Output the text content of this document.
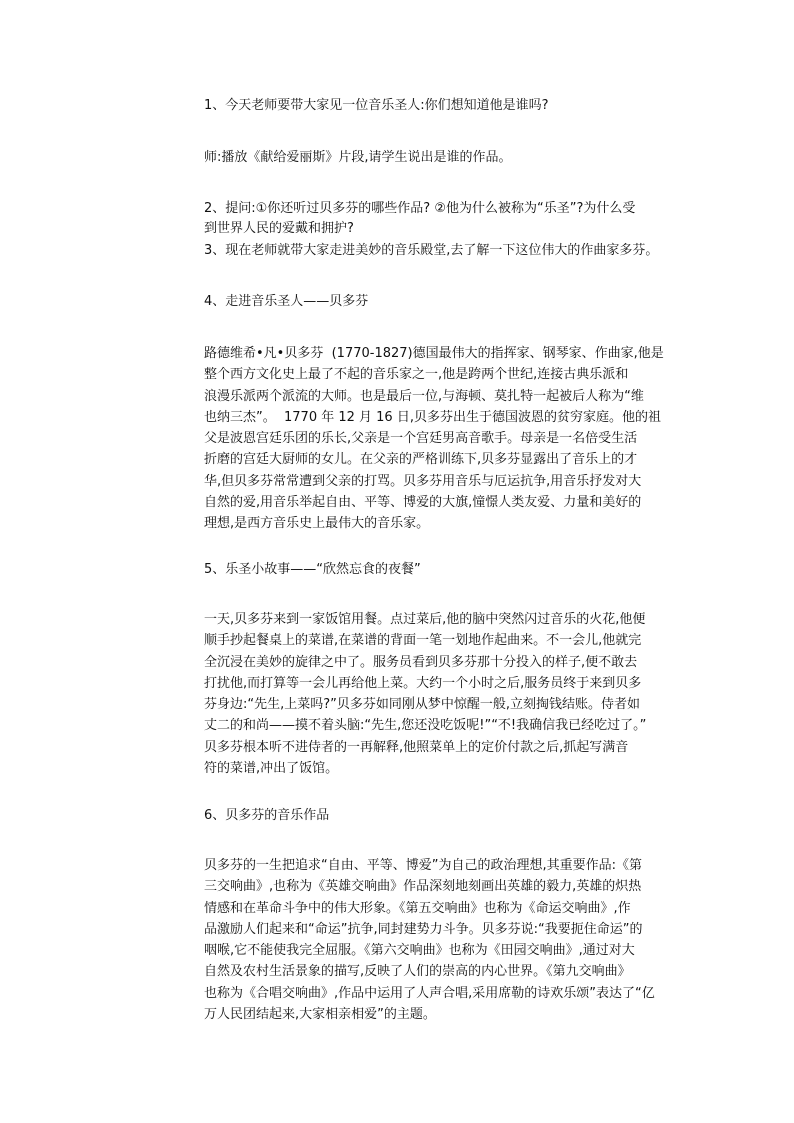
1、今天老师要带大家见一位音乐圣人:你们想知道他是谁吗?
师:播放《献给爱丽斯》片段,请学生说出是谁的作品。
2、提问:①你还听过贝多芬的哪些作品? ②他为什么被称为“乐圣”?为什么受
到世界人民的爱戴和拥护?
3、现在老师就带大家走进美妙的音乐殿堂,去了解一下这位伟大的作曲家多芬。
4、走进音乐圣人——贝多芬
路德维希•凡•贝多芬  (1770-1827)德国最伟大的指挥家、钢琴家、作曲家,他是
整个西方文化史上最了不起的音乐家之一,他是跨两个世纪,连接古典乐派和
浪漫乐派两个派流的大师。也是最后一位,与海顿、莫扎特一起被后人称为“维
也纳三杰”。  1770 年 12 月 16 日,贝多芬出生于德国波恩的贫穷家庭。他的祖
父是波恩宫廷乐团的乐长,父亲是一个宫廷男高音歌手。母亲是一名倍受生活
折磨的宫廷大厨师的女儿。在父亲的严格训练下,贝多芬显露出了音乐上的才
华,但贝多芬常常遭到父亲的打骂。贝多芬用音乐与厄运抗争,用音乐抒发对大
自然的爱,用音乐举起自由、平等、博爱的大旗,憧憬人类友爱、力量和美好的
理想,是西方音乐史上最伟大的音乐家。
5、乐圣小故事——“欣然忘食的夜餐”
一天,贝多芬来到一家饭馆用餐。点过菜后,他的脑中突然闪过音乐的火花,他便
顺手抄起餐桌上的菜谱,在菜谱的背面一笔一划地作起曲来。不一会儿,他就完
全沉浸在美妙的旋律之中了。服务员看到贝多芬那十分投入的样子,便不敢去
打扰他,而打算等一会儿再给他上菜。大约一个小时之后,服务员终于来到贝多
芬身边:“先生,上菜吗?”贝多芬如同刚从梦中惊醒一般,立刻掏钱结账。侍者如
丈二的和尚——摸不着头脑:“先生,您还没吃饭呢!”“不!我确信我已经吃过了。”
贝多芬根本听不进侍者的一再解释,他照菜单上的定价付款之后,抓起写满音
符的菜谱,冲出了饭馆。
6、贝多芬的音乐作品
贝多芬的一生把追求“自由、平等、博爱”为自己的政治理想,其重要作品:《第
三交响曲》,也称为《英雄交响曲》作品深刻地刻画出英雄的毅力,英雄的炽热
情感和在革命斗争中的伟大形象。《第五交响曲》也称为《命运交响曲》,作
品激励人们起来和“命运”抗争,同封建势力斗争。贝多芬说:“我要扼住命运”的
咽喉,它不能使我完全屈服。《第六交响曲》也称为《田园交响曲》,通过对大
自然及农村生活景象的描写,反映了人们的崇高的内心世界。《第九交响曲》
也称为《合唱交响曲》,作品中运用了人声合唱,采用席勒的诗欢乐颂”表达了“亿
万人民团结起来,大家相亲相爱”的主题。
